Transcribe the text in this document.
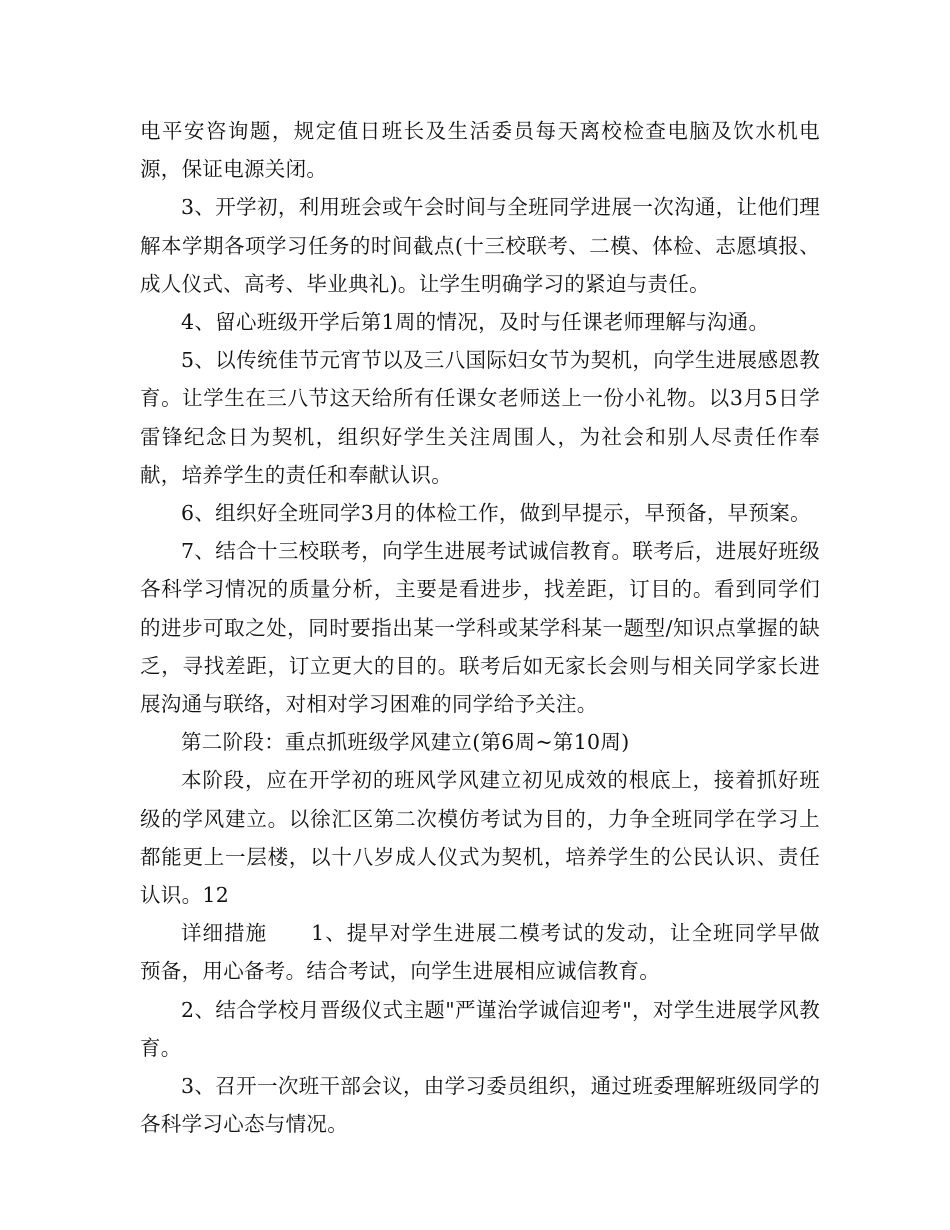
电平安咨询题，规定值日班长及生活委员每天离校检查电脑及饮水机电源，保证电源关闭。

3、开学初，利用班会或午会时间与全班同学进展一次沟通，让他们理解本学期各项学习任务的时间截点(十三校联考、二模、体检、志愿填报、成人仪式、高考、毕业典礼)。让学生明确学习的紧迫与责任。

4、留心班级开学后第1周的情况，及时与任课老师理解与沟通。

5、以传统佳节元宵节以及三八国际妇女节为契机，向学生进展感恩教育。让学生在三八节这天给所有任课女老师送上一份小礼物。以3月5日学雷锋纪念日为契机，组织好学生关注周围人，为社会和别人尽责任作奉献，培养学生的责任和奉献认识。

6、组织好全班同学3月的体检工作，做到早提示，早预备，早预案。

7、结合十三校联考，向学生进展考试诚信教育。联考后，进展好班级各科学习情况的质量分析，主要是看进步，找差距，订目的。看到同学们的进步可取之处，同时要指出某一学科或某学科某一题型/知识点掌握的缺乏，寻找差距，订立更大的目的。联考后如无家长会则与相关同学家长进展沟通与联络，对相对学习困难的同学给予关注。

第二阶段：重点抓班级学风建立(第6周~第10周)

本阶段，应在开学初的班风学风建立初见成效的根底上，接着抓好班级的学风建立。以徐汇区第二次模仿考试为目的，力争全班同学在学习上都能更上一层楼，以十八岁成人仪式为契机，培养学生的公民认识、责任认识。12

详细措施 1、提早对学生进展二模考试的发动，让全班同学早做预备，用心备考。结合考试，向学生进展相应诚信教育。

2、结合学校月晋级仪式主题"严谨治学诚信迎考"，对学生进展学风教育。

3、召开一次班干部会议，由学习委员组织，通过班委理解班级同学的各科学习心态与情况。
